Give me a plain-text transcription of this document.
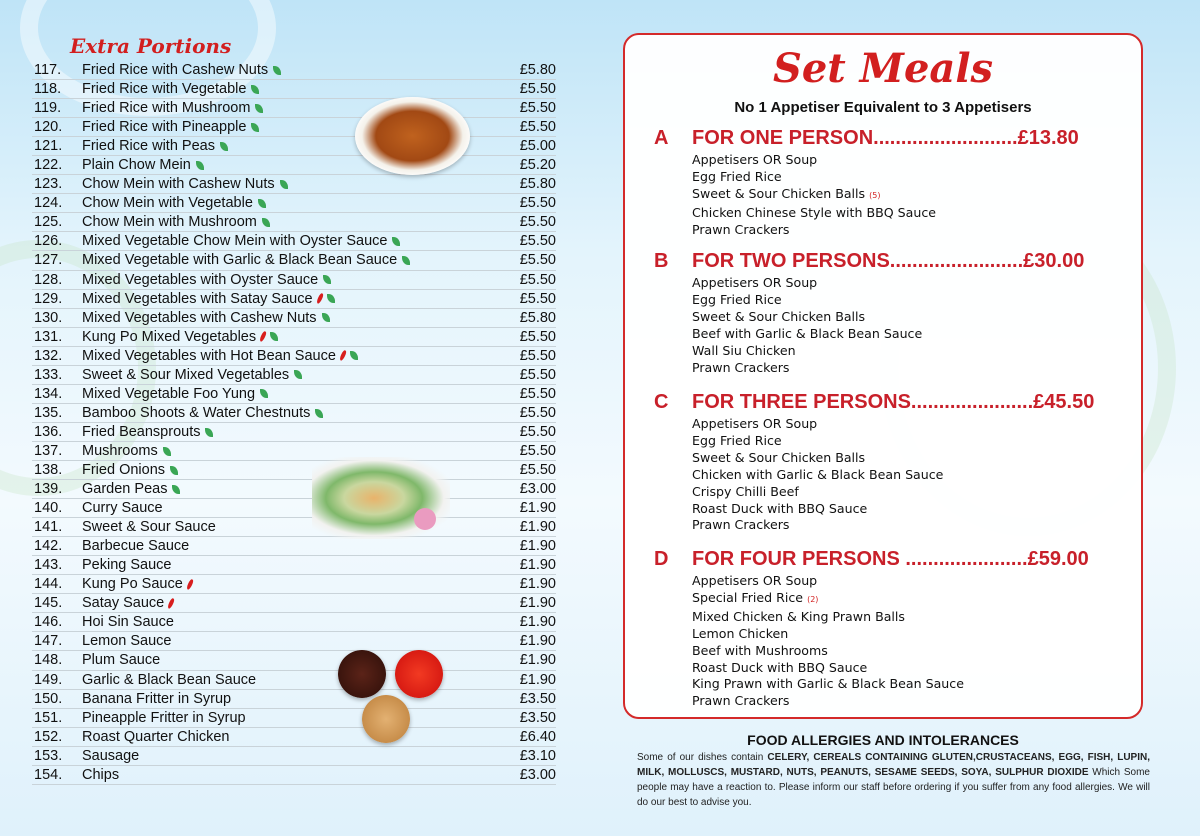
Extra Portions
117.	Fried Rice with Cashew Nuts	£5.80
118.	Fried Rice with Vegetable	£5.50
119.	Fried Rice with Mushroom	£5.50
120.	Fried Rice with Pineapple	£5.50
121.	Fried Rice with Peas	£5.00
122.	Plain Chow Mein	£5.20
123.	Chow Mein with Cashew Nuts	£5.80
124.	Chow Mein with Vegetable	£5.50
125.	Chow Mein with Mushroom	£5.50
126.	Mixed Vegetable Chow Mein with Oyster Sauce	£5.50
127.	Mixed Vegetable with Garlic & Black Bean Sauce	£5.50
128.	Mixed Vegetables with Oyster Sauce	£5.50
129.	Mixed Vegetables with Satay Sauce	£5.50
130.	Mixed Vegetables with Cashew Nuts	£5.80
131.	Kung Po Mixed Vegetables	£5.50
132.	Mixed Vegetables with Hot Bean Sauce	£5.50
133.	Sweet & Sour Mixed Vegetables	£5.50
134.	Mixed Vegetable Foo Yung	£5.50
135.	Bamboo Shoots & Water Chestnuts	£5.50
136.	Fried Beansprouts	£5.50
137.	Mushrooms	£5.50
138.	Fried Onions	£5.50
139.	Garden Peas	£3.00
140.	Curry Sauce	£1.90
141.	Sweet & Sour Sauce	£1.90
142.	Barbecue Sauce	£1.90
143.	Peking Sauce	£1.90
144.	Kung Po Sauce	£1.90
145.	Satay Sauce	£1.90
146.	Hoi Sin Sauce	£1.90
147.	Lemon Sauce	£1.90
148.	Plum Sauce	£1.90
149.	Garlic & Black Bean Sauce	£1.90
150.	Banana Fritter in Syrup	£3.50
151.	Pineapple Fritter in Syrup	£3.50
152.	Roast Quarter Chicken	£6.40
153.	Sausage	£3.10
154.	Chips	£3.00
Set Meals
No 1 Appetiser Equivalent to 3 Appetisers
A FOR ONE PERSON..........................£13.80
Appetisers OR Soup
Egg Fried Rice
Sweet & Sour Chicken Balls (5)
Chicken Chinese Style with BBQ Sauce
Prawn Crackers
B FOR TWO PERSONS........................£30.00
Appetisers OR Soup
Egg Fried Rice
Sweet & Sour Chicken Balls
Beef with Garlic & Black Bean Sauce
Wall Siu Chicken
Prawn Crackers
C FOR THREE PERSONS......................£45.50
Appetisers OR Soup
Egg Fried Rice
Sweet & Sour Chicken Balls
Chicken with Garlic & Black Bean Sauce
Crispy Chilli Beef
Roast Duck with BBQ Sauce
Prawn Crackers
D FOR FOUR PERSONS ......................£59.00
Appetisers OR Soup
Special Fried Rice (2)
Mixed Chicken & King Prawn Balls
Lemon Chicken
Beef with Mushrooms
Roast Duck with BBQ Sauce
King Prawn with Garlic & Black Bean Sauce
Prawn Crackers
FOOD ALLERGIES AND INTOLERANCES
Some of our dishes contain CELERY, CEREALS CONTAINING GLUTEN,CRUSTACEANS, EGG, FISH, LUPIN, MILK, MOLLUSCS, MUSTARD, NUTS, PEANUTS, SESAME SEEDS, SOYA, SULPHUR DIOXIDE Which Some people may have a reaction to. Please inform our staff before ordering if you suffer from any food allergies. We will do our best to advise you.
